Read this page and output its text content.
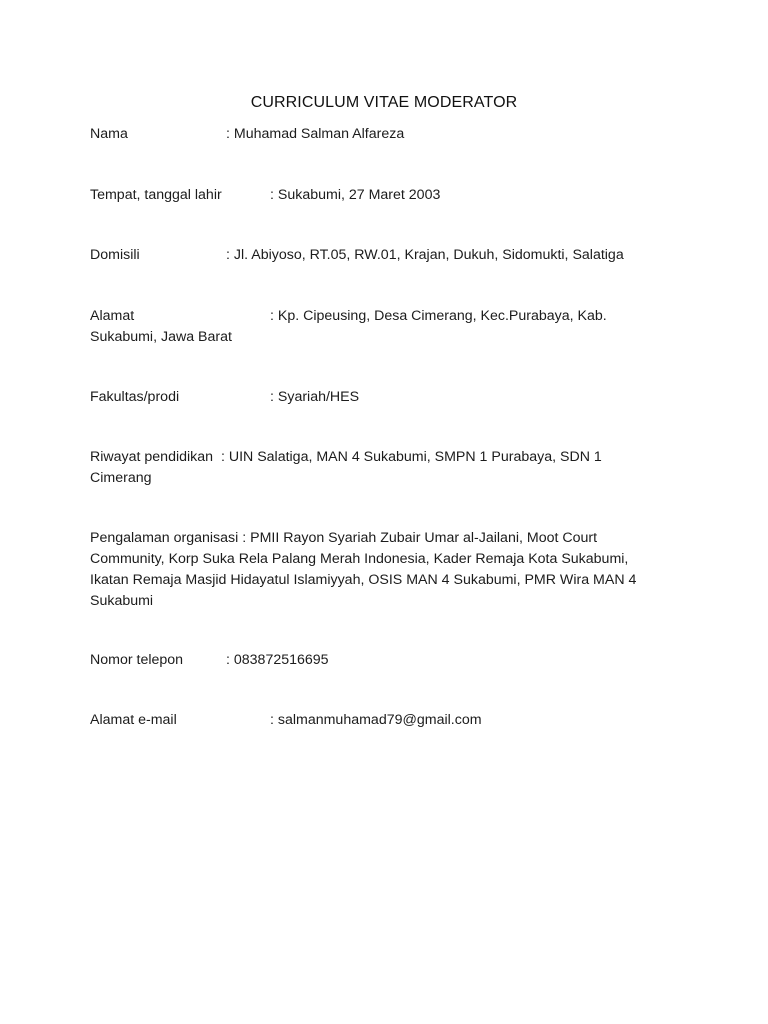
CURRICULUM VITAE MODERATOR
Nama	: Muhamad Salman Alfareza
Tempat, tanggal lahir	: Sukabumi, 27 Maret 2003
Domisili	: Jl. Abiyoso, RT.05, RW.01, Krajan, Dukuh, Sidomukti, Salatiga
Alamat	: Kp. Cipeusing, Desa Cimerang, Kec.Purabaya, Kab.
Sukabumi, Jawa Barat
Fakultas/prodi	: Syariah/HES
Riwayat pendidikan : UIN Salatiga, MAN 4 Sukabumi, SMPN 1 Purabaya, SDN 1
Cimerang
Pengalaman organisasi : PMII Rayon Syariah Zubair Umar al-Jailani, Moot Court
Community, Korp Suka Rela Palang Merah Indonesia, Kader Remaja Kota Sukabumi,
Ikatan Remaja Masjid Hidayatul Islamiyyah, OSIS MAN 4 Sukabumi, PMR Wira MAN 4
Sukabumi
Nomor telepon	: 083872516695
Alamat e-mail	: salmanmuhamad79@gmail.com
